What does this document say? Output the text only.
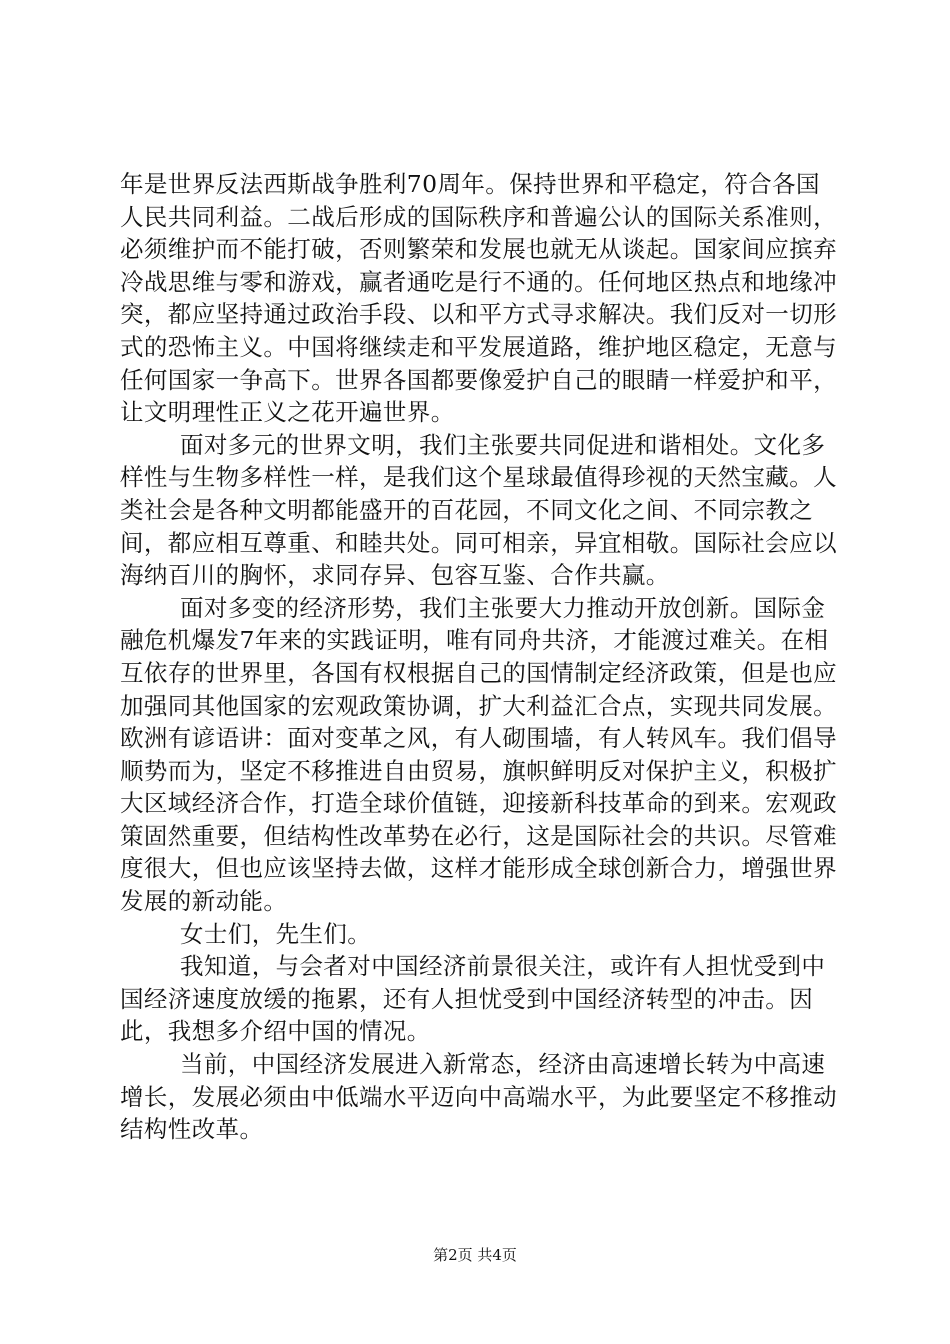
年是世界反法西斯战争胜利70周年。保持世界和平稳定，符合各国人民共同利益。二战后形成的国际秩序和普遍公认的国际关系准则，必须维护而不能打破，否则繁荣和发展也就无从谈起。国家间应摈弃冷战思维与零和游戏，赢者通吃是行不通的。任何地区热点和地缘冲突，都应坚持通过政治手段、以和平方式寻求解决。我们反对一切形式的恐怖主义。中国将继续走和平发展道路，维护地区稳定，无意与任何国家一争高下。世界各国都要像爱护自己的眼睛一样爱护和平，让文明理性正义之花开遍世界。

面对多元的世界文明，我们主张要共同促进和谐相处。文化多样性与生物多样性一样，是我们这个星球最值得珍视的天然宝藏。人类社会是各种文明都能盛开的百花园，不同文化之间、不同宗教之间，都应相互尊重、和睦共处。同可相亲，异宜相敬。国际社会应以海纳百川的胸怀，求同存异、包容互鉴、合作共赢。

面对多变的经济形势，我们主张要大力推动开放创新。国际金融危机爆发7年来的实践证明，唯有同舟共济，才能渡过难关。在相互依存的世界里，各国有权根据自己的国情制定经济政策，但是也应加强同其他国家的宏观政策协调，扩大利益汇合点，实现共同发展。欧洲有谚语讲：面对变革之风，有人砌围墙，有人转风车。我们倡导顺势而为，坚定不移推进自由贸易，旗帜鲜明反对保护主义，积极扩大区域经济合作，打造全球价值链，迎接新科技革命的到来。宏观政策固然重要，但结构性改革势在必行，这是国际社会的共识。尽管难度很大，但也应该坚持去做，这样才能形成全球创新合力，增强世界发展的新动能。

女士们，先生们。

我知道，与会者对中国经济前景很关注，或许有人担忧受到中国经济速度放缓的拖累，还有人担忧受到中国经济转型的冲击。因此，我想多介绍中国的情况。

当前，中国经济发展进入新常态，经济由高速增长转为中高速增长，发展必须由中低端水平迈向中高端水平，为此要坚定不移推动结构性改革。

第2页 共4页
